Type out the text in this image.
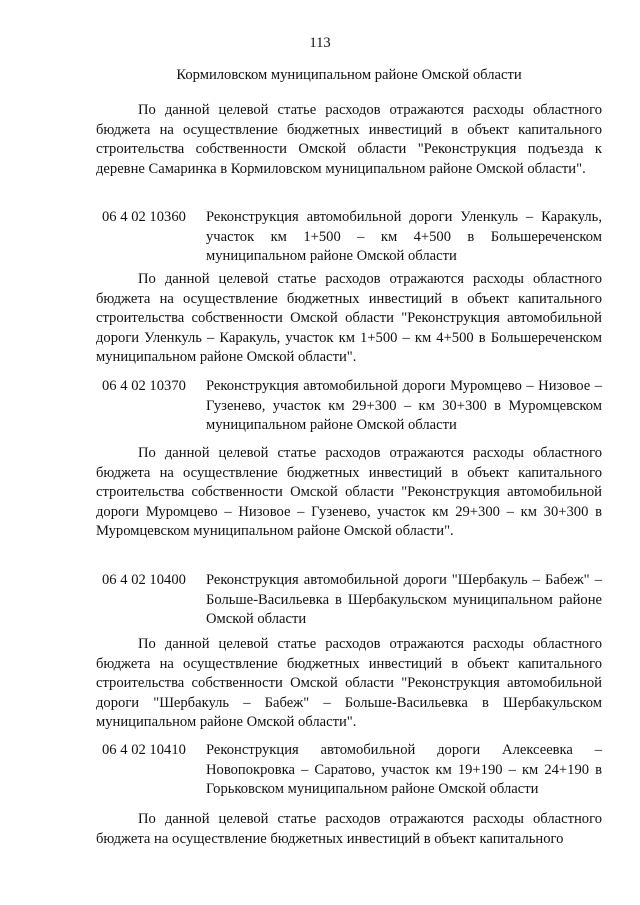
113

Кормиловском муниципальном районе Омской области

По данной целевой статье расходов отражаются расходы областного бюджета на осуществление бюджетных инвестиций в объект капитального строительства собственности Омской области "Реконструкция подъезда к деревне Самаринка в Кормиловском муниципальном районе Омской области".

06 4 02 10360	Реконструкция автомобильной дороги Уленкуль – Каракуль, участок км 1+500 – км 4+500 в Большереченском муниципальном районе Омской области

По данной целевой статье расходов отражаются расходы областного бюджета на осуществление бюджетных инвестиций в объект капитального строительства собственности Омской области "Реконструкция автомобильной дороги Уленкуль – Каракуль, участок км 1+500 – км 4+500 в Большереченском муниципальном районе Омской области".

06 4 02 10370	Реконструкция автомобильной дороги Муромцево – Низовое – Гузенево, участок км 29+300 – км 30+300 в Муромцевском муниципальном районе Омской области

По данной целевой статье расходов отражаются расходы областного бюджета на осуществление бюджетных инвестиций в объект капитального строительства собственности Омской области "Реконструкция автомобильной дороги Муромцево – Низовое – Гузенево, участок км 29+300 – км 30+300 в Муромцевском муниципальном районе Омской области".

06 4 02 10400	Реконструкция автомобильной дороги "Шербакуль – Бабеж" – Больше-Васильевка в Шербакульском муниципальном районе Омской области

По данной целевой статье расходов отражаются расходы областного бюджета на осуществление бюджетных инвестиций в объект капитального строительства собственности Омской области "Реконструкция автомобильной дороги "Шербакуль – Бабеж" – Больше-Васильевка в Шербакульском муниципальном районе Омской области".

06 4 02 10410	Реконструкция автомобильной дороги Алексеевка – Новопокровка – Саратово, участок км 19+190 – км 24+190 в Горьковском муниципальном районе Омской области

По данной целевой статье расходов отражаются расходы областного бюджета на осуществление бюджетных инвестиций в объект капитального
